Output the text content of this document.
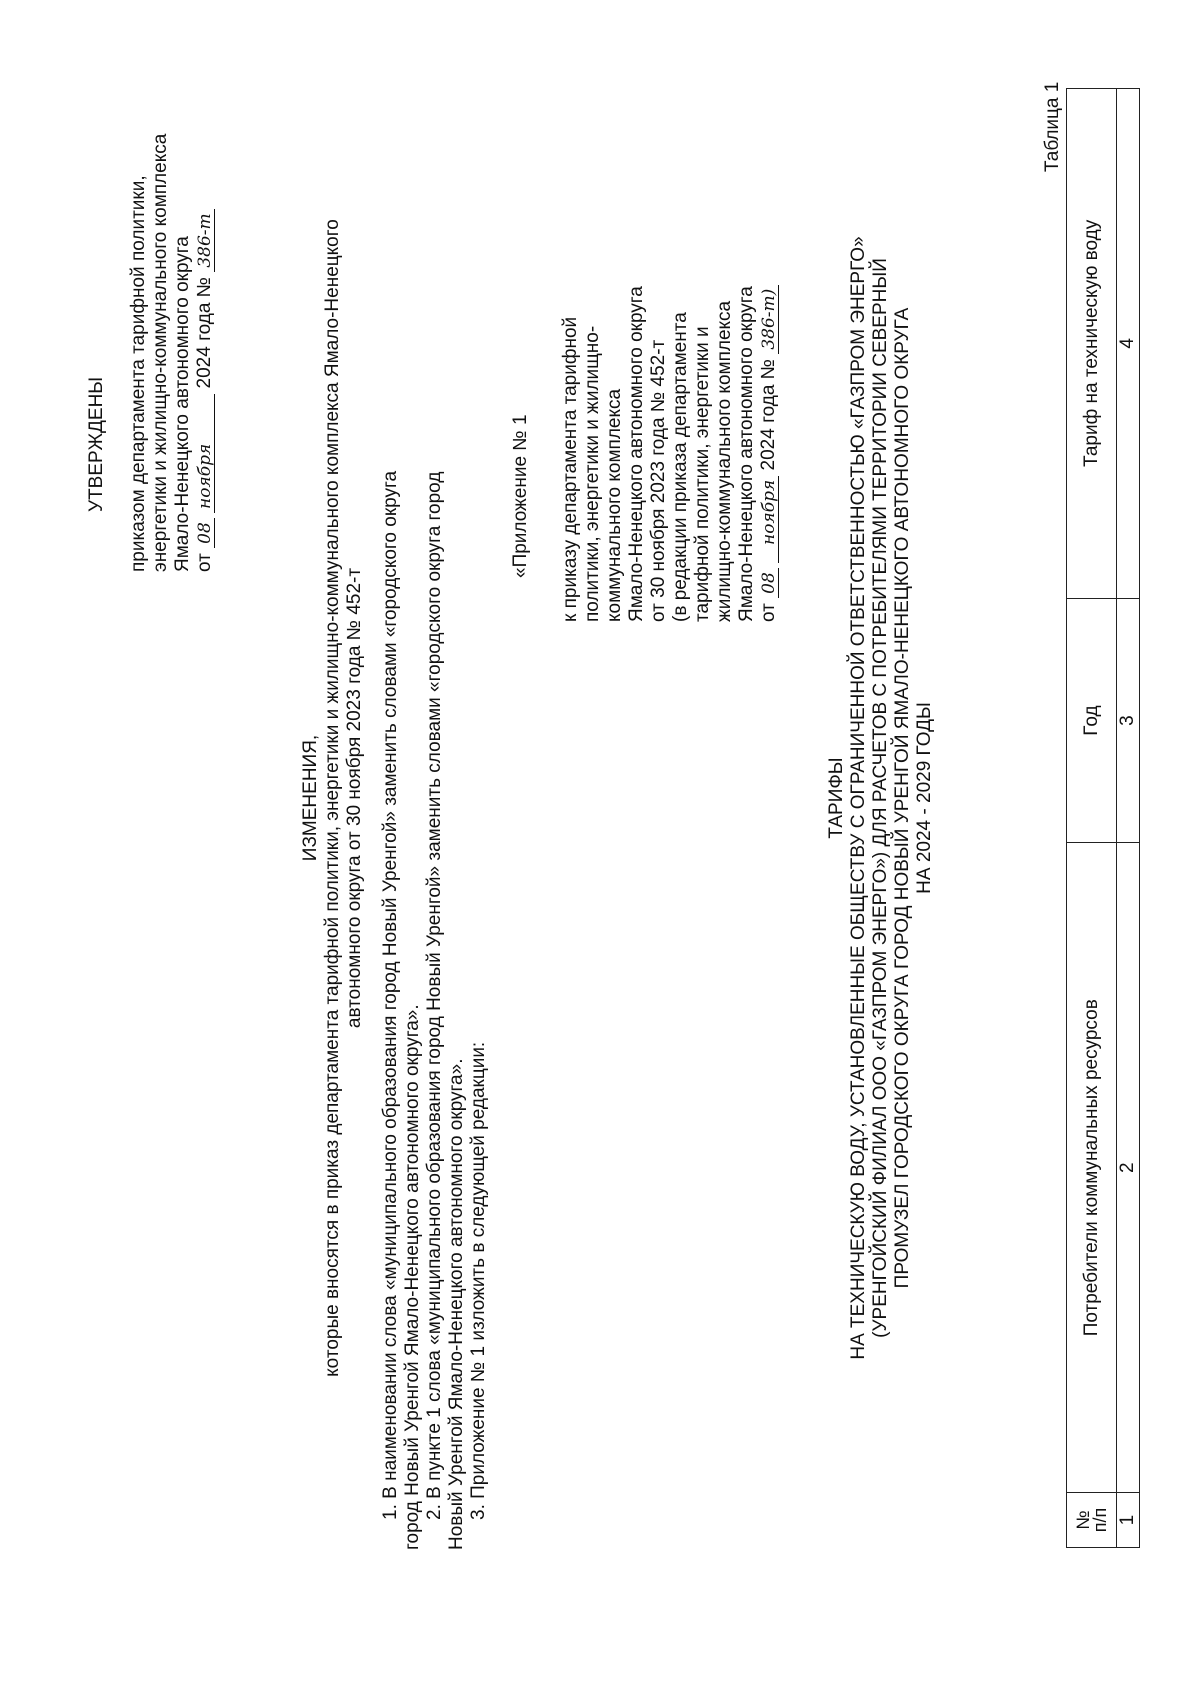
УТВЕРЖДЕНЫ приказом департамента тарифной политики, энергетики и жилищно-коммунального комплекса Ямало-Ненецкого автономного округа от 08 ноября 2024 года № 386-т
ИЗМЕНЕНИЯ, которые вносятся в приказ департамента тарифной политики, энергетики и жилищно-коммунального комплекса Ямало-Ненецкого автономного округа от 30 ноября 2023 года № 452-т 1. В наименовании слова «муниципального образования город Новый Уренгой» заменить словами «городского округа город Новый Уренгой Ямало-Ненецкого автономного округа». 2. В пункте 1 слова «муниципального образования город Новый Уренгой» заменить словами «городского округа город Новый Уренгой Ямало-Ненецкого автономного округа». 3. Приложение № 1 изложить в следующей редакции:
«Приложение № 1 к приказу департамента тарифной политики, энергетики и жилищно- коммунального комплекса Ямало-Ненецкого автономного округа от 30 ноября 2023 года № 452-т (в редакции приказа департамента тарифной политики, энергетики и жилищно-коммунального комплекса Ямало-Ненецкого автономного округа от 08 ноября 2024 года № 386-т)
ТАРИФЫ НА ТЕХНИЧЕСКУЮ ВОДУ, УСТАНОВЛЕННЫЕ ОБЩЕСТВУ С ОГРАНИЧЕННОЙ ОТВЕТСТВЕННОСТЬЮ «ГАЗПРОМ ЭНЕРГО» (УРЕНГОЙСКИЙ ФИЛИАЛ ООО «ГАЗПРОМ ЭНЕРГО») ДЛЯ РАСЧЕТОВ С ПОТРЕБИТЕЛЯМИ ТЕРРИТОРИИ СЕВЕРНЫЙ ПРОМУЗЕЛ ГОРОДСКОГО ОКРУГА ГОРОД НОВЫЙ УРЕНГОЙ ЯМАЛО-НЕНЕЦКОГО АВТОНОМНОГО ОКРУГА НА 2024 - 2029 ГОДЫ
Таблица 1
№
п/п	Потребители коммунальных ресурсов	Год	Тариф на техническую воду
1	2	3	4
